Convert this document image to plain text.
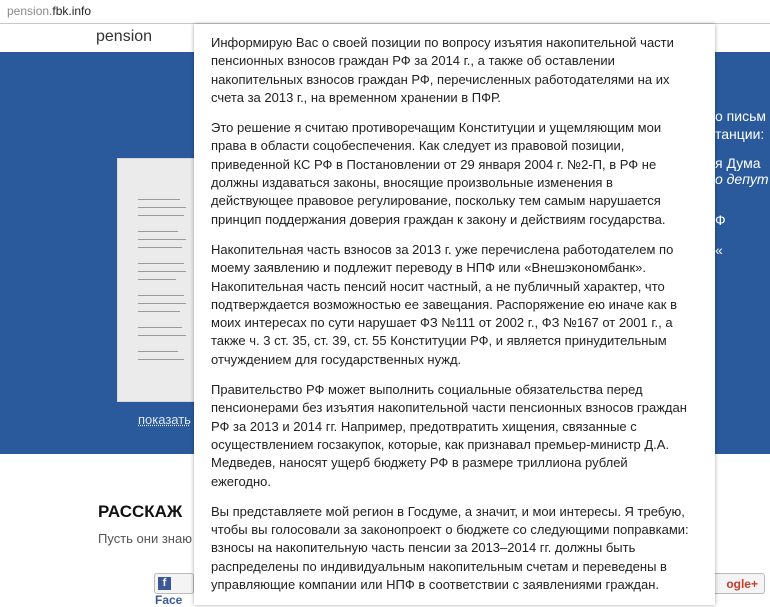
pension.fbk.info
pension
показать
о письм
танции:
я Дума
о депут
Ф
«
РАССКАЖ
Пусть они знаю
fFace
ogle+

Информирую Вас о своей позиции по вопросу изъятия накопительной части пенсионных взносов граждан РФ за 2014 г., а также об оставлении накопительных взносов граждан РФ, перечисленных работодателями на их счета за 2013 г., на временном хранении в ПФР.

Это решение я считаю противоречащим Конституции и ущемляющим мои права в области соцобеспечения. Как следует из правовой позиции, приведенной КС РФ в Постановлении от 29 января 2004 г. №2-П, в РФ не должны издаваться законы, вносящие произвольные изменения в действующее правовое регулирование, поскольку тем самым нарушается принцип поддержания доверия граждан к закону и действиям государства.

Накопительная часть взносов за 2013 г. уже перечислена работодателем по моему заявлению и подлежит переводу в НПФ или «Внешэкономбанк». Накопительная часть пенсий носит частный, а не публичный характер, что подтверждается возможностью ее завещания. Распоряжение ею иначе как в моих интересах по сути нарушает ФЗ №111 от 2002 г., ФЗ №167 от 2001 г., а также ч. 3 ст. 35, ст. 39, ст. 55 Конституции РФ, и является принудительным отчуждением для государственных нужд.

Правительство РФ может выполнить социальные обязательства перед пенсионерами без изъятия накопительной части пенсионных взносов граждан РФ за 2013 и 2014 гг. Например, предотвратить хищения, связанные с осуществлением госзакупок, которые, как признавал премьер-министр Д.А. Медведев, наносят ущерб бюджету РФ в размере триллиона рублей ежегодно.

Вы представляете мой регион в Госдуме, а значит, и мои интересы. Я требую, чтобы вы голосовали за законопроект о бюджете со следующими поправками: взносы на накопительную часть пенсии за 2013–2014 гг. должны быть распределены по индивидуальным накопительным счетам и переведены в управляющие компании или НПФ в соответствии с заявлениями граждан.
